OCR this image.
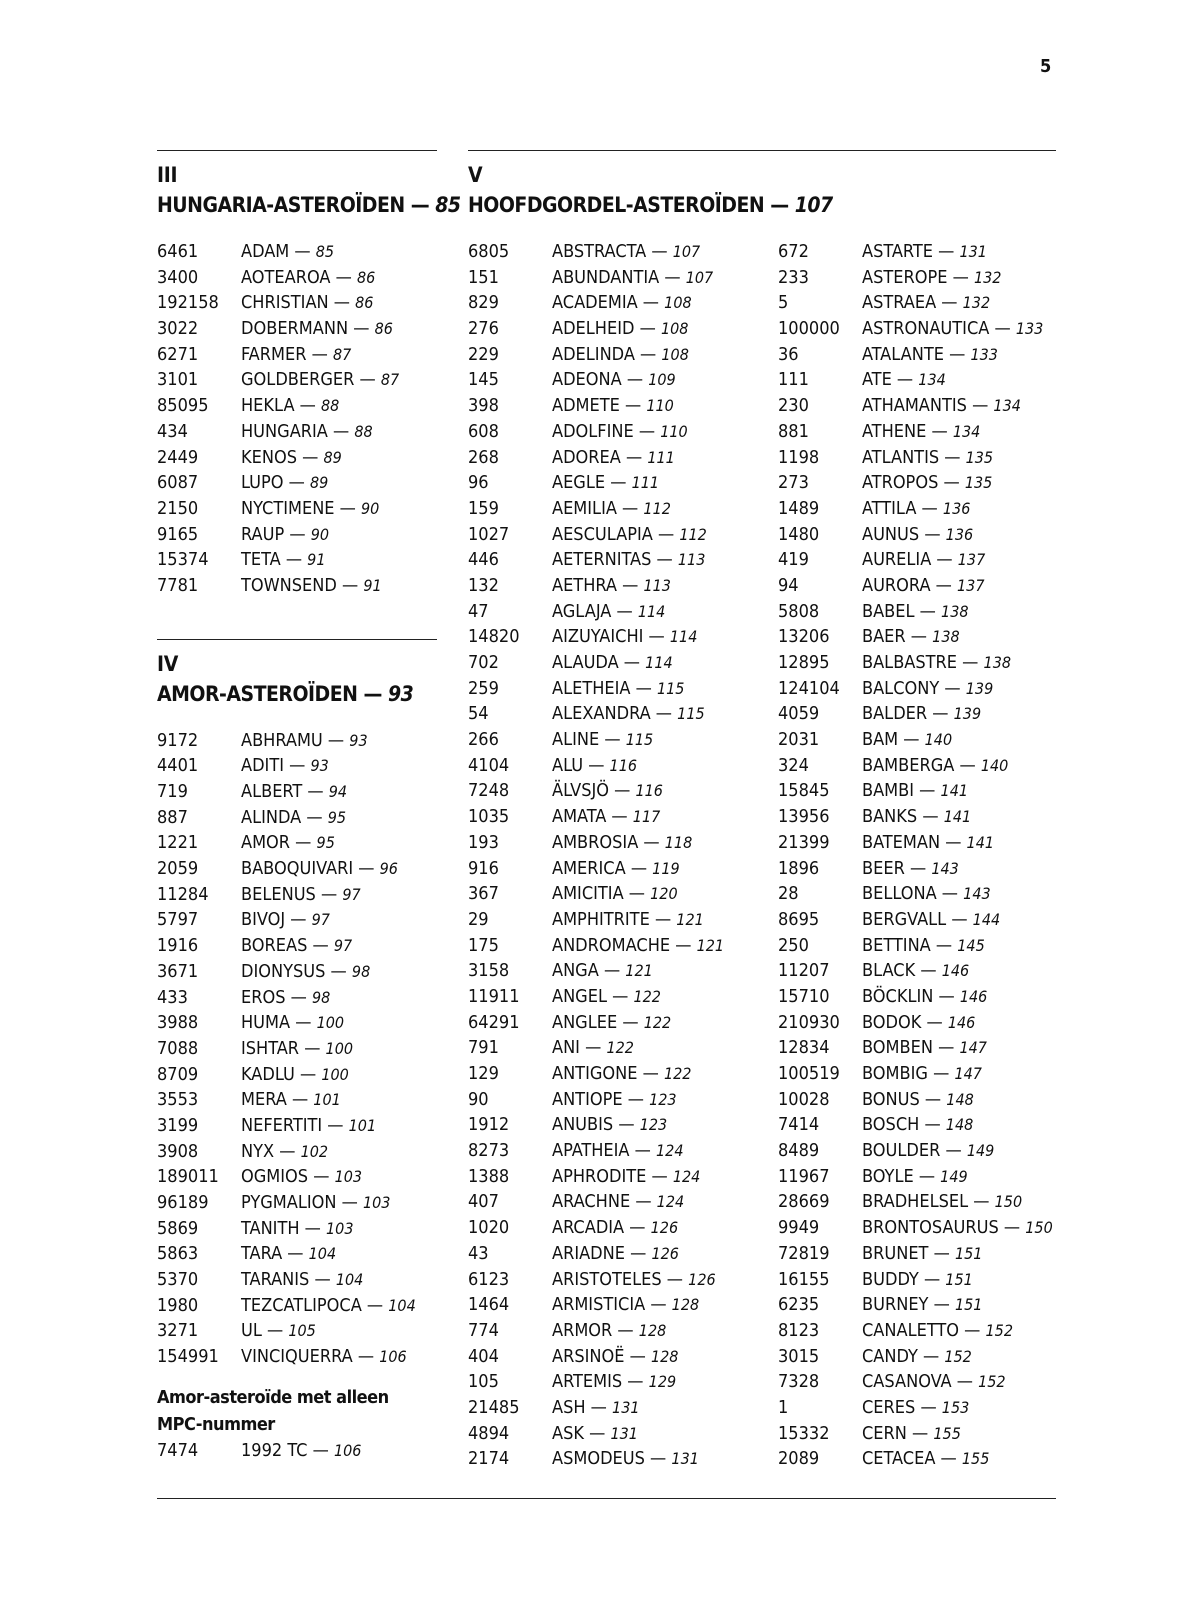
5
III
HUNGARIA-ASTEROÏDEN — 85
6461	ADAM — 85
3400	AOTEAROA — 86
192158	CHRISTIAN — 86
3022	DOBERMANN — 86
6271	FARMER — 87
3101	GOLDBERGER — 87
85095	HEKLA — 88
434	HUNGARIA — 88
2449	KENOS — 89
6087	LUPO — 89
2150	NYCTIMENE — 90
9165	RAUP — 90
15374	TETA — 91
7781	TOWNSEND — 91
IV
AMOR-ASTEROÏDEN — 93
9172	ABHRAMU — 93
4401	ADITI — 93
719	ALBERT — 94
887	ALINDA — 95
1221	AMOR — 95
2059	BABOQUIVARI — 96
11284	BELENUS — 97
5797	BIVOJ — 97
1916	BOREAS — 97
3671	DIONYSUS — 98
433	EROS — 98
3988	HUMA — 100
7088	ISHTAR — 100
8709	KADLU — 100
3553	MERA — 101
3199	NEFERTITI — 101
3908	NYX — 102
189011	OGMIOS — 103
96189	PYGMALION — 103
5869	TANITH — 103
5863	TARA — 104
5370	TARANIS — 104
1980	TEZCATLIPOCA — 104
3271	UL — 105
154991	VINCIQUERRA — 106
Amor-asteroïde met alleen MPC-nummer
7474	1992 TC — 106
V
HOOFDGORDEL-ASTEROÏDEN — 107
6805	ABSTRACTA — 107
151	ABUNDANTIA — 107
829	ACADEMIA — 108
276	ADELHEID — 108
229	ADELINDA — 108
145	ADEONA — 109
398	ADMETE — 110
608	ADOLFINE — 110
268	ADOREA — 111
96	AEGLE — 111
159	AEMILIA — 112
1027	AESCULAPIA — 112
446	AETERNITAS — 113
132	AETHRA — 113
47	AGLAJA — 114
14820	AIZUYAICHI — 114
702	ALAUDA — 114
259	ALETHEIA — 115
54	ALEXANDRA — 115
266	ALINE — 115
4104	ALU — 116
7248	ÄLVSJÖ — 116
1035	AMATA — 117
193	AMBROSIA — 118
916	AMERICA — 119
367	AMICITIA — 120
29	AMPHITRITE — 121
175	ANDROMACHE — 121
3158	ANGA — 121
11911	ANGEL — 122
64291	ANGLEE — 122
791	ANI — 122
129	ANTIGONE — 122
90	ANTIOPE — 123
1912	ANUBIS — 123
8273	APATHEIA — 124
1388	APHRODITE — 124
407	ARACHNE — 124
1020	ARCADIA — 126
43	ARIADNE — 126
6123	ARISTOTELES — 126
1464	ARMISTICIA — 128
774	ARMOR — 128
404	ARSINOË — 128
105	ARTEMIS — 129
21485	ASH — 131
4894	ASK — 131
2174	ASMODEUS — 131
672	ASTARTE — 131
233	ASTEROPE — 132
5	ASTRAEA — 132
100000	ASTRONAUTICA — 133
36	ATALANTE — 133
111	ATE — 134
230	ATHAMANTIS — 134
881	ATHENE — 134
1198	ATLANTIS — 135
273	ATROPOS — 135
1489	ATTILA — 136
1480	AUNUS — 136
419	AURELIA — 137
94	AURORA — 137
5808	BABEL — 138
13206	BAER — 138
12895	BALBASTRE — 138
124104	BALCONY — 139
4059	BALDER — 139
2031	BAM — 140
324	BAMBERGA — 140
15845	BAMBI — 141
13956	BANKS — 141
21399	BATEMAN — 141
1896	BEER — 143
28	BELLONA — 143
8695	BERGVALL — 144
250	BETTINA — 145
11207	BLACK — 146
15710	BÖCKLIN — 146
210930	BODOK — 146
12834	BOMBEN — 147
100519	BOMBIG — 147
10028	BONUS — 148
7414	BOSCH — 148
8489	BOULDER — 149
11967	BOYLE — 149
28669	BRADHELSEL — 150
9949	BRONTOSAURUS — 150
72819	BRUNET — 151
16155	BUDDY — 151
6235	BURNEY — 151
8123	CANALETTO — 152
3015	CANDY — 152
7328	CASANOVA — 152
1	CERES — 153
15332	CERN — 155
2089	CETACEA — 155
